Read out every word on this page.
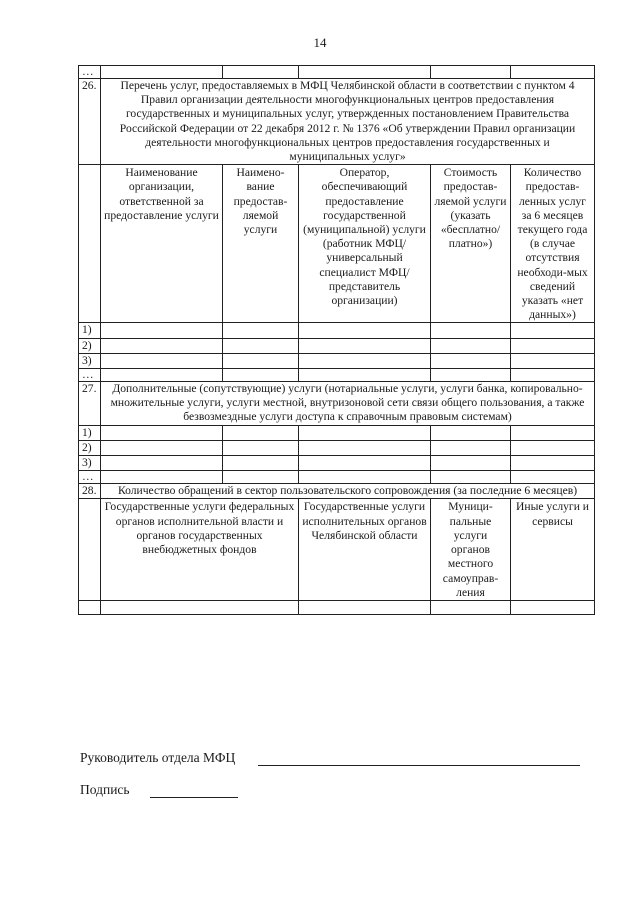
14
…					
26.	Перечень услуг, предоставляемых в МФЦ Челябинской области в соответствии с пунктом 4 Правил организации деятельности многофункциональных центров предоставления государственных и муниципальных услуг, утвержденных постановлением Правительства Российской Федерации от 22 декабря 2012 г. № 1376 «Об утверждении Правил организации деятельности многофункциональных центров предоставления государственных и муниципальных услуг»				
	Наименование организации, ответственной за предоставление услуги	Наимено-вание предостав-ляемой услуги	Оператор, обеспечивающий предоставление государственной (муниципальной) услуги (работник МФЦ/ универсальный специалист МФЦ/представитель организации)	Стоимость предостав-ляемой услуги (указать «бесплатно/ платно»)	Количество предостав-ленных услуг за 6 месяцев текущего года (в случае отсутствия необходи-мых сведений указать «нет данных»)
1)					
2)					
3)					
…					
27.	Дополнительные (сопутствующие) услуги (нотариальные услуги, услуги банка, копировально-множительные услуги, услуги местной, внутризоновой сети связи общего пользования, а также безвозмездные услуги доступа к справочным правовым системам)				
1)					
2)					
3)					
…					
28.	Количество обращений в сектор пользовательского сопровождения (за последние 6 месяцев)				
	Государственные услуги федеральных органов исполнительной власти и органов государственных внебюджетных фондов		Государственные услуги исполнительных органов Челябинской области	Муници-пальные услуги органов местного самоуправ-ления	Иные услуги и сервисы

Руководитель отдела МФЦ
Подпись
